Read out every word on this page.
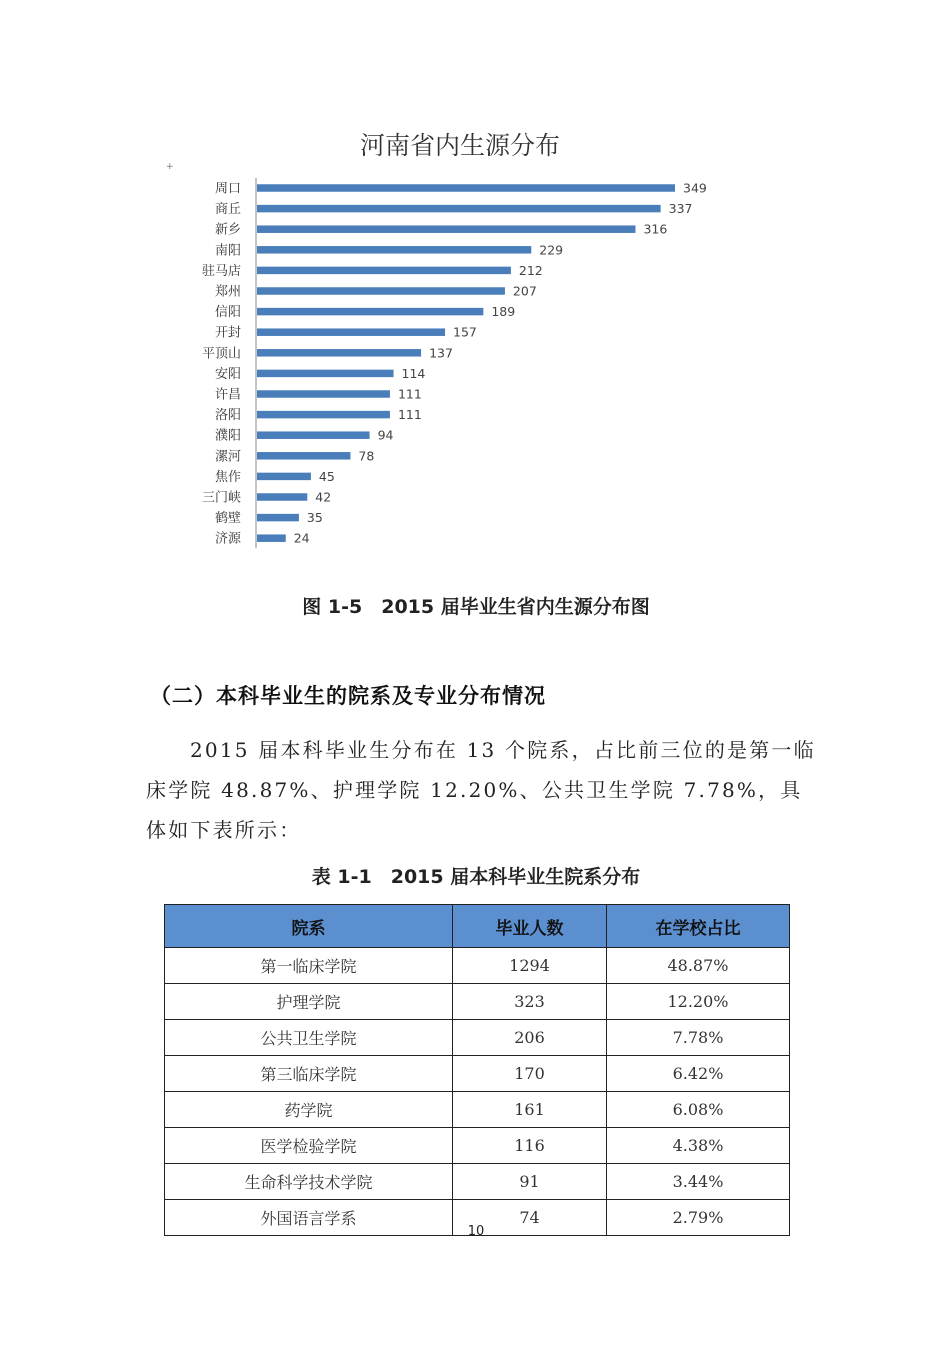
+
河南省内生源分布
周口	349
商丘	337
新乡	316
南阳	229
驻马店	212
郑州	207
信阳	189
开封	157
平顶山	137
安阳	114
许昌	111
洛阳	111
濮阳	94
漯河	78
焦作	45
三门峡	42
鹤壁	35
济源	24
图 1-5　2015 届毕业生省内生源分布图
（二）本科毕业生的院系及专业分布情况
2015 届本科毕业生分布在 13 个院系，占比前三位的是第一临床学院 48.87%、护理学院 12.20%、公共卫生学院 7.78%，具体如下表所示：
表 1-1　2015 届本科毕业生院系分布
院系	毕业人数	在学校占比
第一临床学院	1294	48.87%
护理学院	323	12.20%
公共卫生学院	206	7.78%
第三临床学院	170	6.42%
药学院	161	6.08%
医学检验学院	116	4.38%
生命科学技术学院	91	3.44%
外国语言学系	74	2.79%
10
